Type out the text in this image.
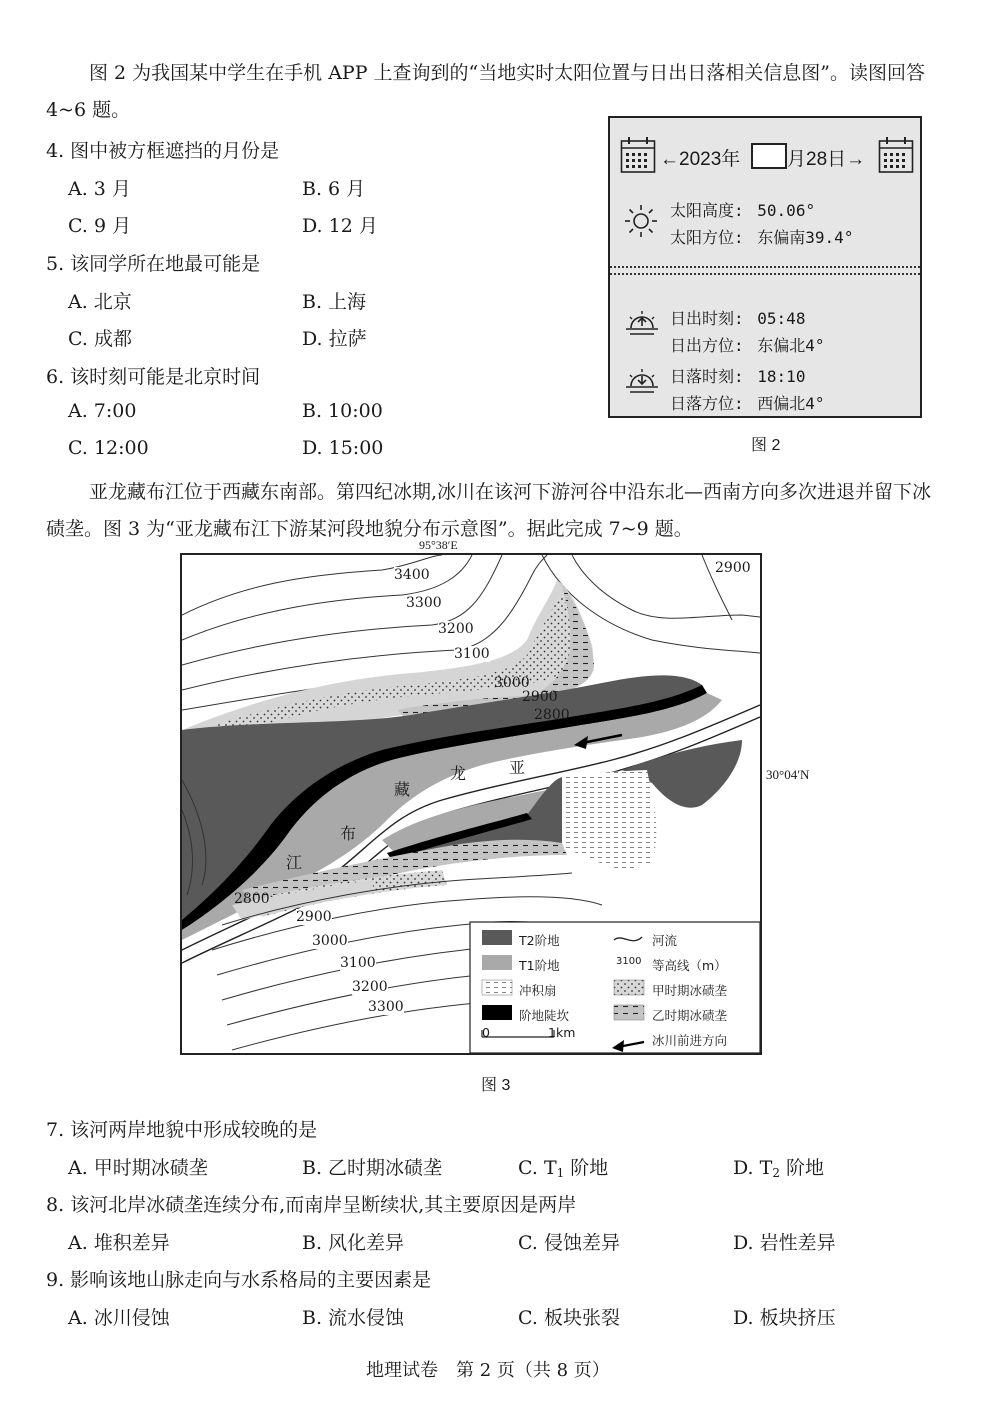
图 2 为我国某中学生在手机 APP 上查询到的“当地实时太阳位置与日出日落相关信息图”。读图回答 4~6 题。
4. 图中被方框遮挡的月份是
A. 3 月	B. 6 月
C. 9 月	D. 12 月
5. 该同学所在地最可能是
A. 北京	B. 上海
C. 成都	D. 拉萨
6. 该时刻可能是北京时间
A. 7:00	B. 10:00
C. 12:00	D. 15:00
←2023年 月28日→
太阳高度: 50.06°
太阳方位: 东偏南39.4°
日出时刻: 05:48
日出方位: 东偏北4°
日落时刻: 18:10
日落方位: 西偏北4°
图 2
亚龙藏布江位于西藏东南部。第四纪冰期,冰川在该河下游河谷中沿东北—西南方向多次进退并留下冰碛垄。图 3 为“亚龙藏布江下游某河段地貌分布示意图”。据此完成 7~9 题。
95°38′E
30°04′N
3400
3300
3200
3100
3000
2900
2800
2900
2800
2900
3000
3100
3200
3300
亚
龙
藏
布
江
T2阶地
T1阶地
冲积扇
阶地陡坎
河流
3100 等高线（m）
甲时期冰碛垄
乙时期冰碛垄
0	1km
冰川前进方向
图 3
7. 该河两岸地貌中形成较晚的是
A. 甲时期冰碛垄	B. 乙时期冰碛垄	C. $T_1$ 阶地	D. $T_2$ 阶地
8. 该河北岸冰碛垄连续分布,而南岸呈断续状,其主要原因是两岸
A. 堆积差异	B. 风化差异	C. 侵蚀差异	D. 岩性差异
9. 影响该地山脉走向与水系格局的主要因素是
A. 冰川侵蚀	B. 流水侵蚀	C. 板块张裂	D. 板块挤压
地理试卷　第 2 页（共 8 页）
